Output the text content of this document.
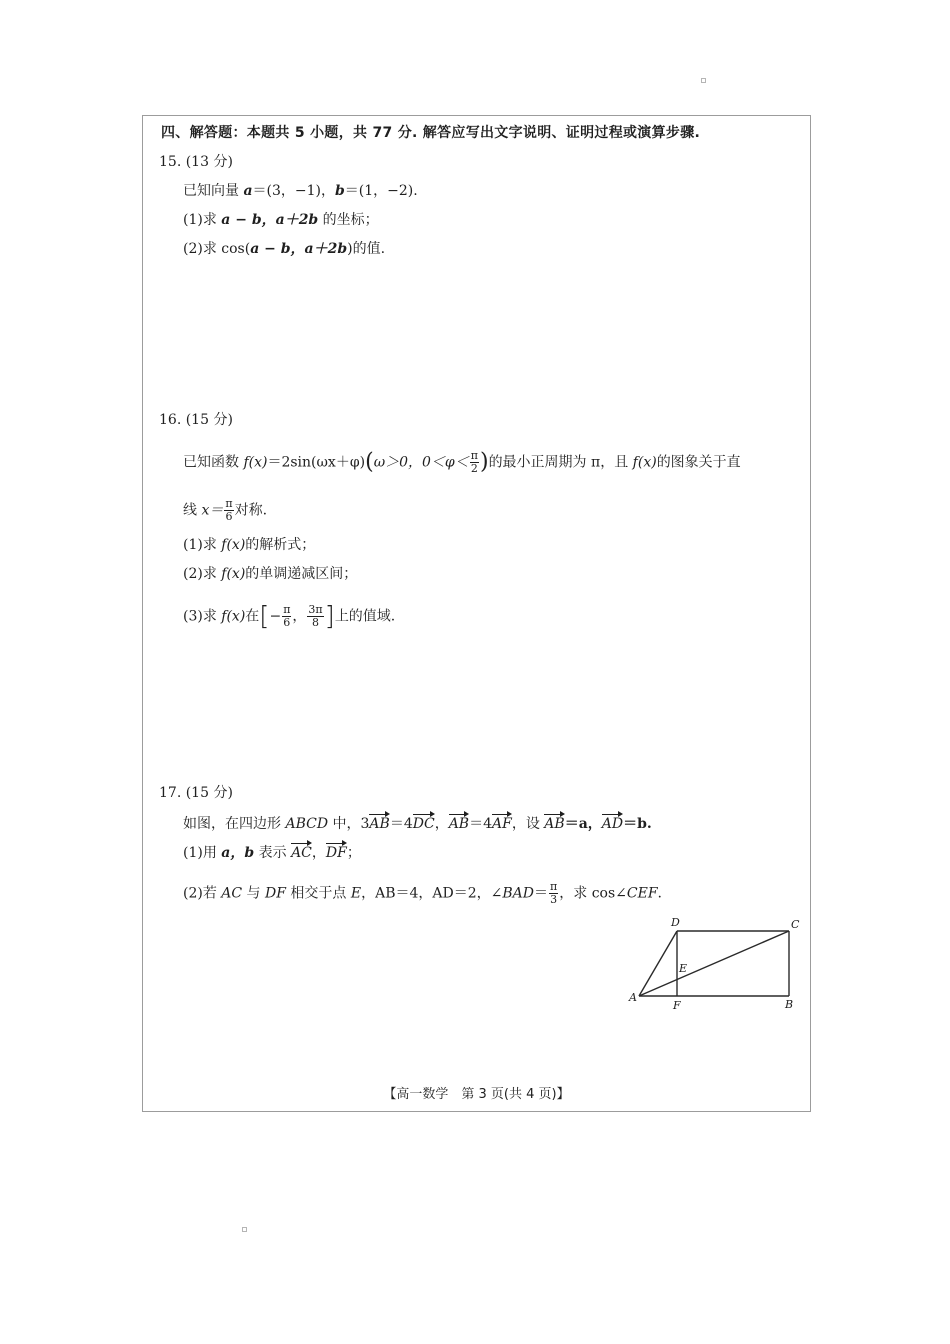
四、解答题：本题共 5 小题，共 77 分. 解答应写出文字说明、证明过程或演算步骤.
15. (13 分)
已知向量 a＝(3，−1)，b＝(1，−2).
(1)求 a − b，a＋2b 的坐标；
(2)求 cos(a − b，a＋2b)的值.
16. (15 分)
已知函数 f(x)＝2sin(ωx＋φ)(ω＞0，$0<\varphi< \frac{\pi}{2}$ )的最小正周期为 π，且 f(x)的图象关于直
线 $x= \frac{\pi}{6}$ 对称.
(1)求 f(x)的解析式；
(2)求 f(x)的单调递减区间；
(3)求 f(x)在[− $\frac{\pi}{6}$ ， $\frac{3\pi}{8}$ ]上的值域.
17. (15 分)
如图，在四边形 ABCD 中，3AB＝4DC，AB＝4AF，设 AB＝a，AD＝b.
(1)用 a，b 表示 AC，DF；
(2)若 AC 与 DF 相交于点 E，AB＝4，AD＝2，∠BAD＝ $\frac{\pi}{3}$ ，求 cos∠CEF.
A
B
C
D
E
F
【高一数学　第 3 页(共 4 页)】
